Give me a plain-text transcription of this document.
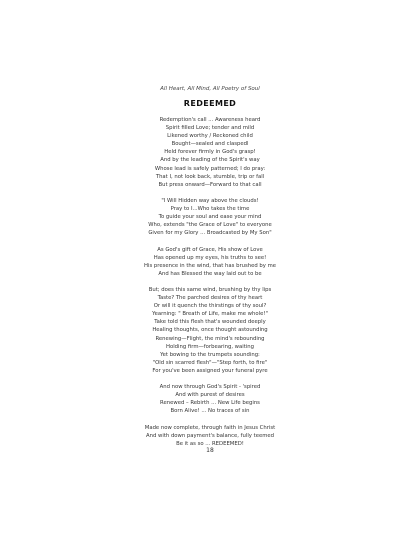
All Heart, All Mind, All Poetry of Soul
REDEEMED
Redemption's call ... Awareness heard
Spirit filled Love; tender and mild
Likened worthy / Reckoned child
Bought—sealed and claspedl
Held forever firmly in God's grasp!
And by the leading of the Spirit's way
Whose lead is safely patterned; I do pray:
That I, not look back, stumble, trip or fall
But press onward—Forward to that call
"I Will Hidden way above the clouds!
Pray to I...Who takes the time
To guide your soul and ease your mind
Who, extends "the Grace of Love" to everyone
Given for my Glory ... Broadcasted by My Son"
As God's gift of Grace, His show of Love
Has opened up my eyes, his truths to see!
His presence in the wind, that has brushed by me
And has Blessed the way laid out to be
But; does this same wind, brushing by thy lips
Taste? The parched desires of thy heart
Or will it quench the thirstings of thy soul?
Yearning: " Breath of Life, make me whole!"
Take told this flesh that's wounded deeply
Healing thoughts, once thought astounding
Renewing—Flight, the mind's rebounding
Holding firm—forbearing, waiting
Yet bowing to the trumpets sounding:
"Old sin scarred flesh"—"Step forth, to fire"
For you've been assigned your funeral pyre
And now through God's Spirit - 'spired
And with purest of desires
Renewed – Rebirth ... New Life begins
Born Alive! ... No traces of sin
Made now complete, through faith in Jesus Christ
And with down payment's balance, fully teemed
Be it as so ... REDEEMED!
18
